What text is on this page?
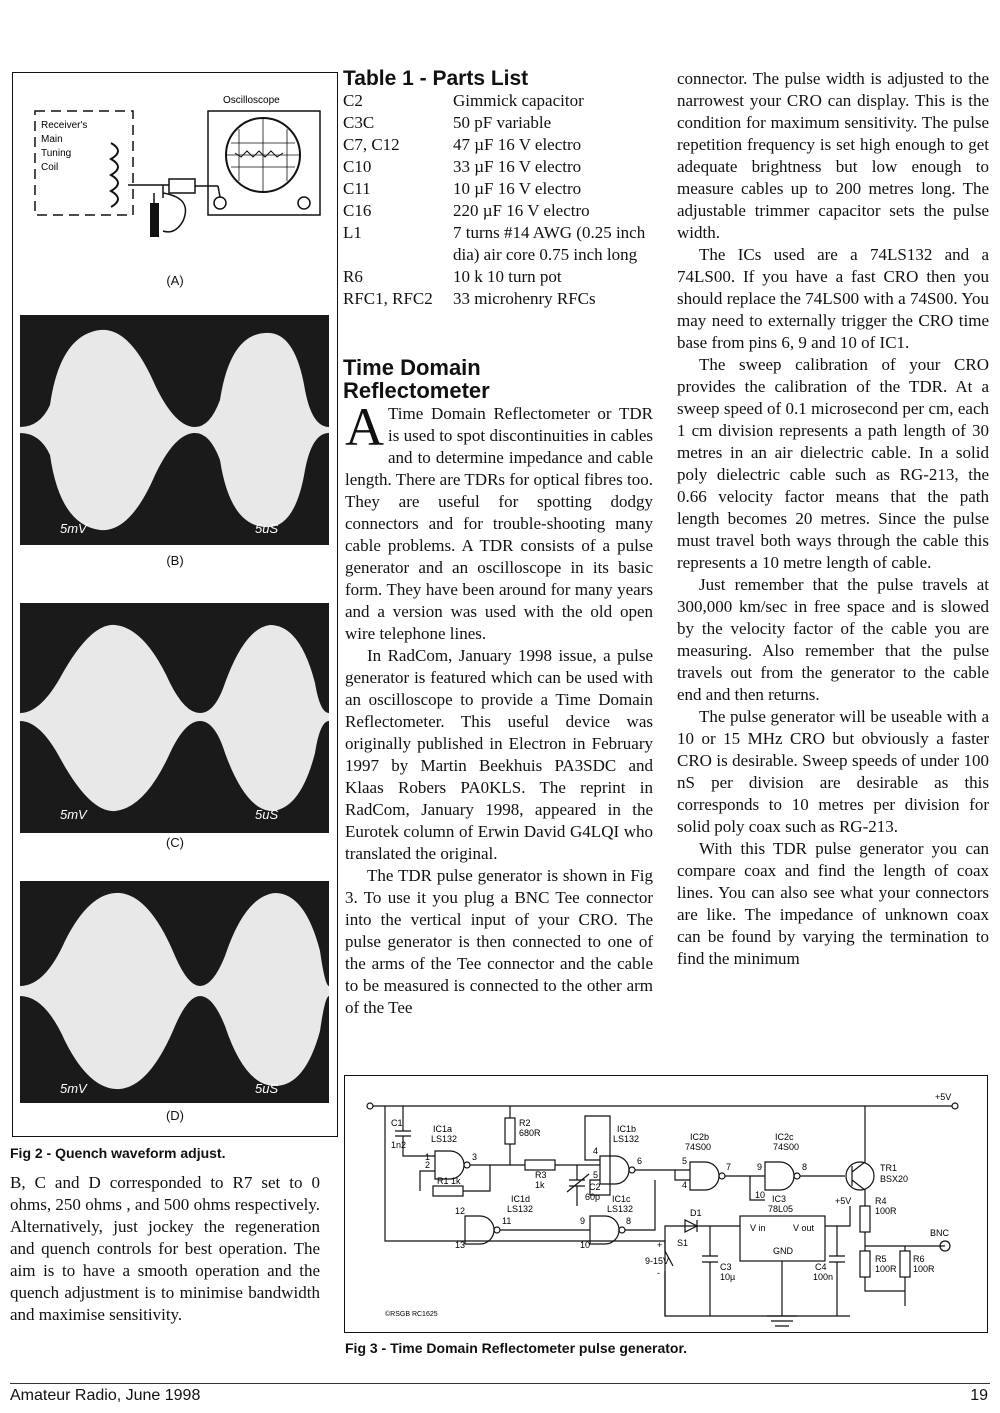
Receiver's
Main
Tuning
Coil
Oscilloscope
(A)
5mV	5uS
(B)
5mV	5uS
(C)
5mV	5uS
(D)
Fig 2 - Quench waveform adjust.

B, C and D corresponded to R7 set to 0 ohms, 250 ohms , and 500 ohms respectively. Alternatively, just jockey the regeneration and quench controls for best operation. The aim is to have a smooth operation and the quench adjustment is to minimise bandwidth and maximise sensitivity.

Table 1 - Parts List
C2	Gimmick capacitor
C3C	50 pF variable
C7, C12	47 µF 16 V electro
C10	33 µF 16 V electro
C11	10 µF 16 V electro
C16	220 µF 16 V electro
L1	7 turns #14 AWG (0.25 inch dia) air core 0.75 inch long
R6	10 k 10 turn pot
RFC1, RFC2	33 microhenry RFCs
Time Domain Reflectometer

A Time Domain Reflectometer or TDR is used to spot discontinuities in cables and to determine impedance and cable length. There are TDRs for optical fibres too. They are useful for spotting dodgy connectors and for trouble-shooting many cable problems. A TDR consists of a pulse generator and an oscilloscope in its basic form. They have been around for many years and a version was used with the old open wire telephone lines.

In RadCom, January 1998 issue, a pulse generator is featured which can be used with an oscilloscope to provide a Time Domain Reflectometer. This useful device was originally published in Electron in February 1997 by Martin Beekhuis PA3SDC and Klaas Robers PA0KLS. The reprint in RadCom, January 1998, appeared in the Eurotek column of Erwin David G4LQI who translated the original.

The TDR pulse generator is shown in Fig 3. To use it you plug a BNC Tee connector into the vertical input of your CRO. The pulse generator is then connected to one of the arms of the Tee connector and the cable to be measured is connected to the other arm of the Tee

connector. The pulse width is adjusted to the narrowest your CRO can display. This is the condition for maximum sensitivity. The pulse repetition frequency is set high enough to get adequate brightness but low enough to measure cables up to 200 metres long. The adjustable trimmer capacitor sets the pulse width.

The ICs used are a 74LS132 and a 74LS00. If you have a fast CRO then you should replace the 74LS00 with a 74S00. You may need to externally trigger the CRO time base from pins 6, 9 and 10 of IC1.

The sweep calibration of your CRO provides the calibration of the TDR. At a sweep speed of 0.1 microsecond per cm, each 1 cm division represents a path length of 30 metres in an air dielectric cable. In a solid poly dielectric cable such as RG-213, the 0.66 velocity factor means that the path length becomes 20 metres. Since the pulse must travel both ways through the cable this represents a 10 metre length of cable.

Just remember that the pulse travels at 300,000 km/sec in free space and is slowed by the velocity factor of the cable you are measuring. Also remember that the pulse travels out from the generator to the cable end and then returns.

The pulse generator will be useable with a 10 or 15 MHz CRO but obviously a faster CRO is desirable. Sweep speeds of under 100 nS per division are desirable as this corresponds to 10 metres per division for solid poly coax such as RG-213.

With this TDR pulse generator you can compare coax and find the length of coax lines. You can also see what your connectors are like. The impedance of unknown coax can be found by varying the termination to find the minimum

+5V
C1
1n2
IC1a
LS132
R2
680R	IC1b
LS132	IC2b
74S00
IC2c
74S00
TR1
BSX20
R1 1k
R3
1k	C2
60p
IC1d
LS132
IC1c
LS132
IC3
78L05
V in	V out
GND
D1
S1
+5V	R4
100R
R5
100R
R6
100R
BNC
C3
10µ
C4
100n
9-15V
+
-
2
1	3
4
5
6	5
7
4
9
10
8
12
13
11	9
10
8
©RSGB RC1625
Fig 3 - Time Domain Reflectometer pulse generator.
Amateur Radio, June 1998	19
